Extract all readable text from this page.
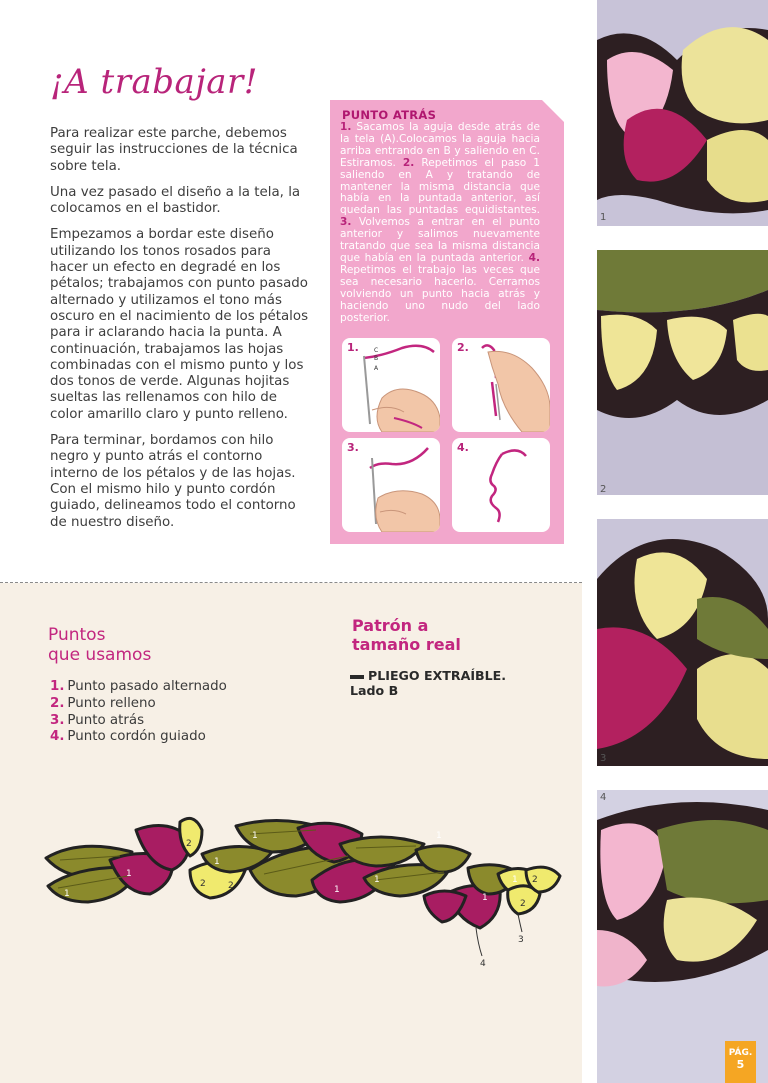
¡A trabajar!

Para realizar este parche, debemos seguir las instrucciones de la técnica sobre tela.

Una vez pasado el diseño a la tela, la colocamos en el bastidor.

Empezamos a bordar este diseño utilizando los tonos rosados para hacer un efecto en degradé en los pétalos; trabajamos con punto pasado alternado y utilizamos el tono más oscuro en el nacimiento de los pétalos para ir aclarando hacia la punta. A continuación, trabajamos las hojas combinadas con el mismo punto y los dos tonos de verde. Algunas hojitas sueltas las rellenamos con hilo de color amarillo claro y punto relleno.

Para terminar, bordamos con hilo negro y punto atrás el contorno interno de los pétalos y de las hojas. Con el mismo hilo y punto cordón guiado, delineamos todo el contorno de nuestro diseño.

PUNTO ATRÁS
1. Sacamos la aguja desde atrás de la tela (A).Colocamos la aguja hacia arriba entrando en B y saliendo en C. Estiramos. 2. Repetimos el paso 1 saliendo en A y tratando de mantener la misma distancia que había en la puntada anterior, así quedan las puntadas equidistantes. 3. Volvemos a entrar en el punto anterior y salimos nuevamente tratando que sea la misma distancia que había en la puntada anterior. 4. Repetimos el trabajo las veces que sea necesario hacerlo. Cerramos volviendo un punto hacia atrás y haciendo uno nudo del lado posterior.
1.	C
B
A
2.
3.	4.
Puntos
que usamos
1. Punto pasado alternado
2. Punto relleno
3. Punto atrás
4. Punto cordón guiado
Patrón a
tamaño real
PLIEGO EXTRAÍBLE.
Lado B
1
1
1
1
1
1
1
1
1
2
2 2
2
2
3
4
1
2
3
4
PÁG.
5
